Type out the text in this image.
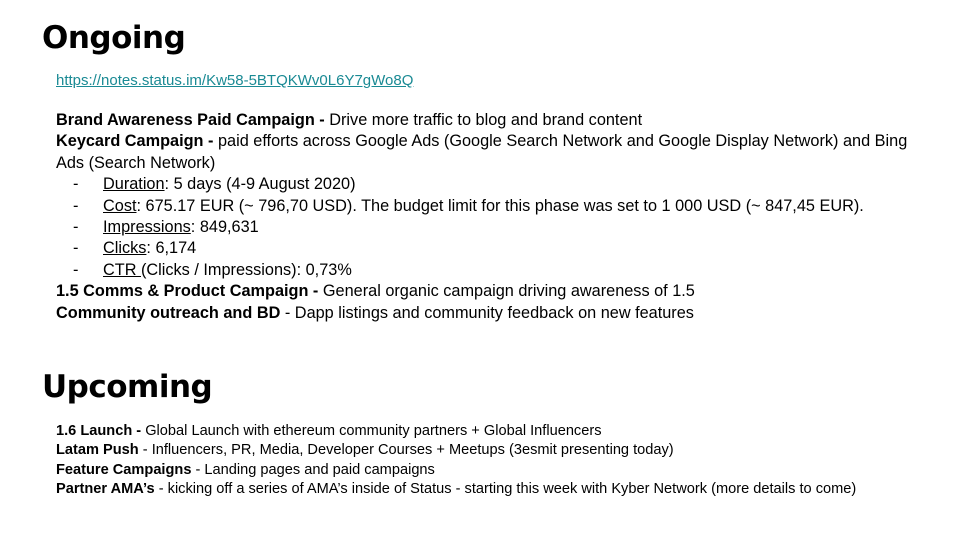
Ongoing
https://notes.status.im/Kw58-5BTQKWv0L6Y7gWo8Q
Brand Awareness Paid Campaign - Drive more traffic to blog and brand content
Keycard Campaign - paid efforts across Google Ads (Google Search Network and Google Display Network) and Bing Ads (Search Network)
- Duration: 5 days (4-9 August 2020)
- Cost: 675.17 EUR (~ 796,70 USD). The budget limit for this phase was set to 1 000 USD (~ 847,45 EUR).
- Impressions: 849,631
- Clicks: 6,174
- CTR (Clicks / Impressions): 0,73%
1.5 Comms & Product Campaign - General organic campaign driving awareness of 1.5
Community outreach and BD - Dapp listings and community feedback on new features
Upcoming
1.6 Launch - Global Launch with ethereum community partners + Global Influencers
Latam Push - Influencers, PR, Media, Developer Courses + Meetups (3esmit presenting today)
Feature Campaigns - Landing pages and paid campaigns
Partner AMA’s - kicking off a series of AMA’s inside of Status - starting this week with Kyber Network (more details to come)
